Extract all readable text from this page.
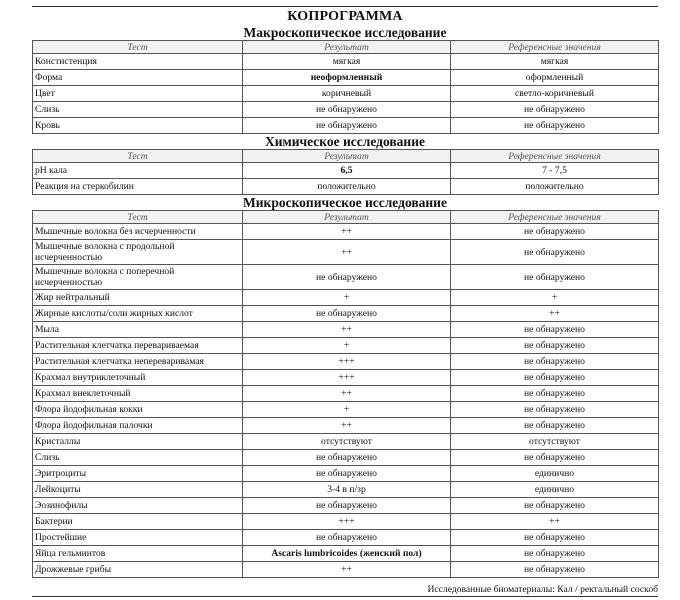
КОПРОГРАММА
Макроскопическое исследование
Тест	Результат	Референсные значения
Констистенция	мягкая	мягкая
Форма	неоформленный	оформленный
Цвет	коричневый	светло-коричневый
Слизь	не обнаружено	не обнаружено
Кровь	не обнаружено	не обнаружено
Химическое исследование
Тест	Результат	Референсные значения
pH кала	6,5	7 - 7,5
Реакция на стеркобилин	положительно	положительно
Микроскопическое исследование
Тест	Результат	Референсные значения
Мышечные волокна без исчерченности	++	не обнаружено
Мышечные волокна с продольной исчерченностью	++	не обнаружено
Мышечные волокна с поперечной исчерченностью	не обнаружено	не обнаружено
Жир нейтральный	+	+
Жирные кислоты/соли жирных кислот	не обнаружено	++
Мыла	++	не обнаружено
Растительная клетчатка перевариваемая	+	не обнаружено
Растительная клетчатка непереваривамая	+++	не обнаружено
Крахмал внутриклеточный	+++	не обнаружено
Крахмал внеклеточный	++	не обнаружено
Флора йодофильная кокки	+	не обнаружено
Флора йодофильная палочки	++	не обнаружено
Кристаллы	отсутствуют	отсутствуют
Слизь	не обнаружено	не обнаружено
Эритроциты	не обнаружено	единично
Лейкоциты	3-4 в п/зр	единично
Эозинофилы	не обнаружено	не обнаружено
Бактерии	+++	++
Простейшие	не обнаружено	не обнаружено
Яйца гельминтов	Ascaris lumbricoides (женский пол)	не обнаружено
Дрожжевые грибы	++	не обнаружено
Исследованные биоматериалы: Кал / ректальный соскоб
